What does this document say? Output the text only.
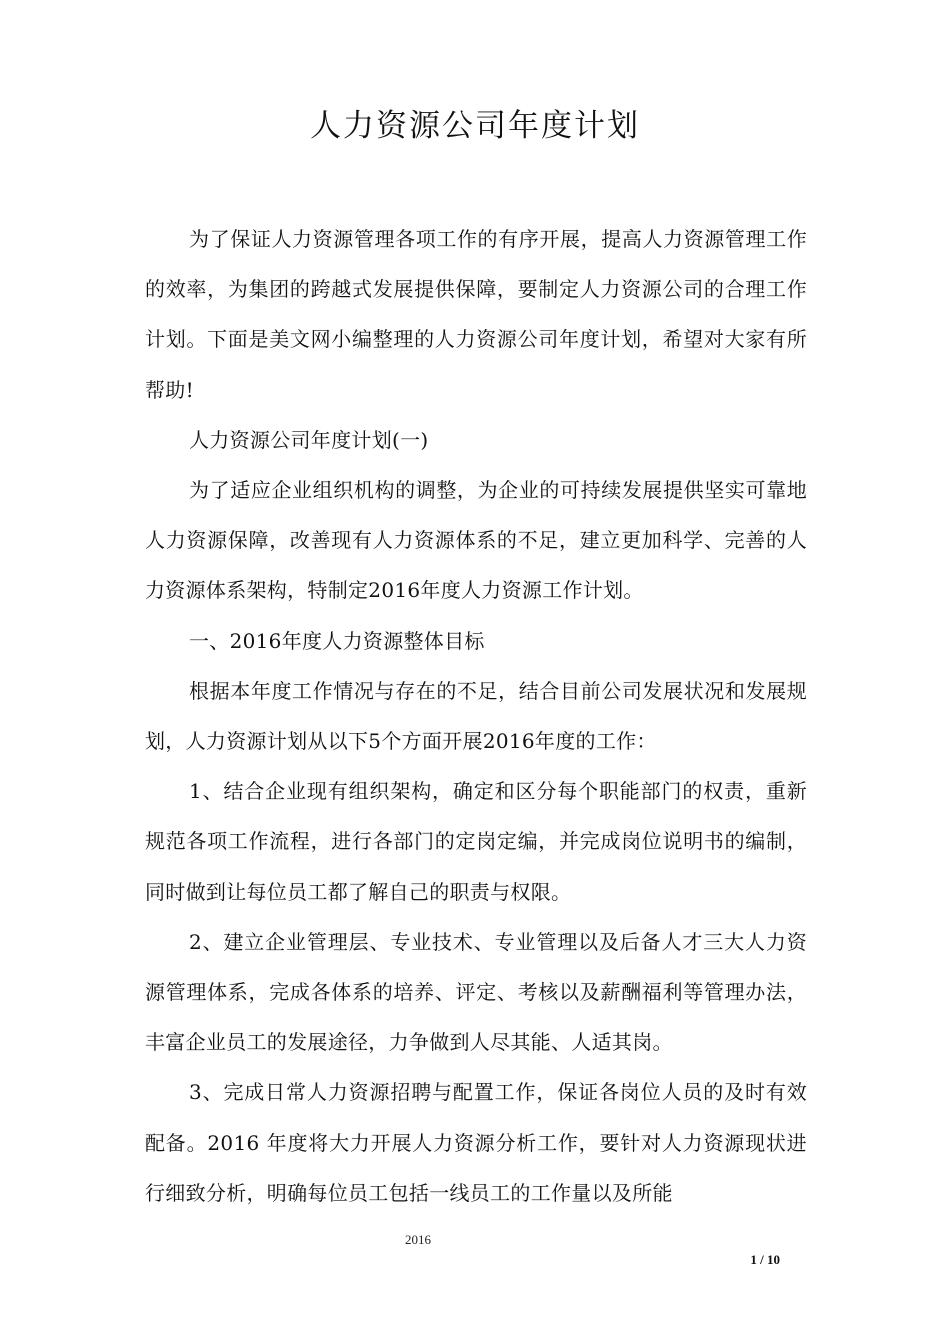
人力资源公司年度计划

为了保证人力资源管理各项工作的有序开展，提高人力资源管理工作的效率，为集团的跨越式发展提供保障，要制定人力资源公司的合理工作计划。下面是美文网小编整理的人力资源公司年度计划，希望对大家有所帮助!

人力资源公司年度计划(一)

为了适应企业组织机构的调整，为企业的可持续发展提供坚实可靠地人力资源保障，改善现有人力资源体系的不足，建立更加科学、完善的人力资源体系架构，特制定2016年度人力资源工作计划。

一、2016年度人力资源整体目标

根据本年度工作情况与存在的不足，结合目前公司发展状况和发展规划，人力资源计划从以下5个方面开展2016年度的工作：

1、结合企业现有组织架构，确定和区分每个职能部门的权责，重新规范各项工作流程，进行各部门的定岗定编，并完成岗位说明书的编制，同时做到让每位员工都了解自己的职责与权限。

2、建立企业管理层、专业技术、专业管理以及后备人才三大人力资源管理体系，完成各体系的培养、评定、考核以及薪酬福利等管理办法，丰富企业员工的发展途径，力争做到人尽其能、人适其岗。

3、完成日常人力资源招聘与配置工作，保证各岗位人员的及时有效配备。2016 年度将大力开展人力资源分析工作，要针对人力资源现状进行细致分析，明确每位员工包括一线员工的工作量以及所能

2016
1 / 10
